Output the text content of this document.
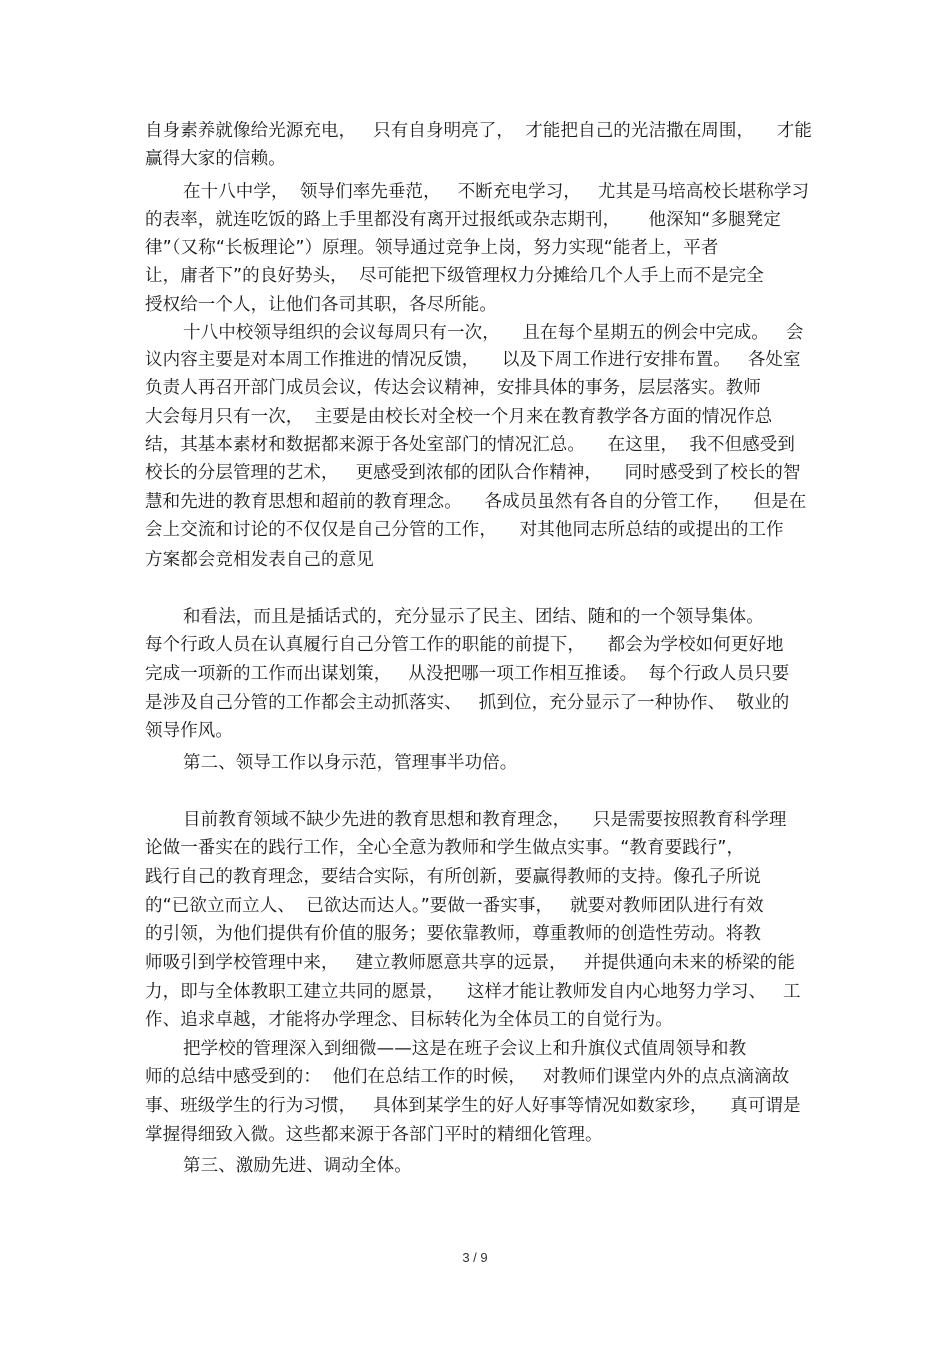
自身素养就像给光源充电，   只有自身明亮了，  才能把自己的光洁撒在周围，    才能
赢得大家的信赖。
在十八中学，  领导们率先垂范，   不断充电学习，   尤其是马培高校长堪称学习
的表率，就连吃饭的路上手里都没有离开过报纸或杂志期刊，     他深知“多腿凳定
律”（又称“长板理论”）原理。领导通过竞争上岗，努力实现“能者上，平者
让，庸者下”的良好势头，  尽可能把下级管理权力分摊给几个人手上而不是完全
授权给一个人，让他们各司其职，各尽所能。
十八中校领导组织的会议每周只有一次，    且在每个星期五的例会中完成。   会
议内容主要是对本周工作推进的情况反馈，    以及下周工作进行安排布置。   各处室
负责人再召开部门成员会议，传达会议精神，安排具体的事务，层层落实。教师
大会每月只有一次，  主要是由校长对全校一个月来在教育教学各方面的情况作总
结，其基本素材和数据都来源于各处室部门的情况汇总。    在这里，  我不但感受到
校长的分层管理的艺术，   更感受到浓郁的团队合作精神，    同时感受到了校长的智
慧和先进的教育思想和超前的教育理念。    各成员虽然有各自的分管工作，    但是在
会上交流和讨论的不仅仅是自己分管的工作，    对其他同志所总结的或提出的工作
方案都会竞相发表自己的意见
和看法，而且是插话式的，充分显示了民主、团结、随和的一个领导集体。
每个行政人员在认真履行自己分管工作的职能的前提下，    都会为学校如何更好地
完成一项新的工作而出谋划策，   从没把哪一项工作相互推诿。  每个行政人员只要
是涉及自己分管的工作都会主动抓落实、   抓到位，充分显示了一种协作、  敬业的
领导作风。
第二、领导工作以身示范，管理事半功倍。
目前教育领域不缺少先进的教育思想和教育理念，    只是需要按照教育科学理
论做一番实在的践行工作，全心全意为教师和学生做点实事。“教育要践行”，
践行自己的教育理念，要结合实际，有所创新，要赢得教师的支持。像孔子所说
的“已欲立而立人、  已欲达而达人。”要做一番实事，   就要对教师团队进行有效
的引领，为他们提供有价值的服务；要依靠教师，尊重教师的创造性劳动。将教
师吸引到学校管理中来，   建立教师愿意共享的远景，   并提供通向未来的桥梁的能
力，即与全体教职工建立共同的愿景，    这样才能让教师发自内心地努力学习、   工
作、追求卓越，才能将办学理念、目标转化为全体员工的自觉行为。
把学校的管理深入到细微——这是在班子会议上和升旗仪式值周领导和教
师的总结中感受到的：  他们在总结工作的时候，   对教师们课堂内外的点点滴滴故
事、班级学生的行为习惯，   具体到某学生的好人好事等情况如数家珍，    真可谓是
掌握得细致入微。这些都来源于各部门平时的精细化管理。
第三、激励先进、调动全体。
3 / 9
